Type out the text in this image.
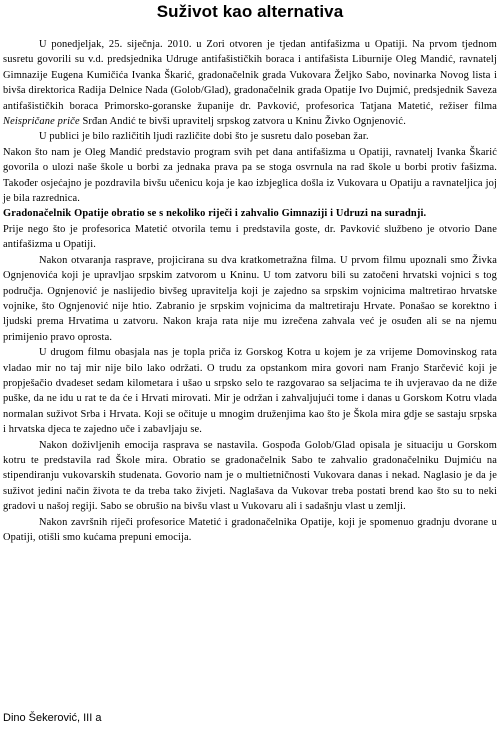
Suživot kao alternativa

U ponedjeljak, 25. siječnja. 2010. u Zori otvoren je tjedan antifašizma u Opatiji. Na prvom tjednom susretu govorili su v.d. predsjednika Udruge antifašističkih boraca i antifašista Liburnije Oleg Mandić, ravnatelj Gimnazije Eugena Kumičića Ivanka Škarić, gradonačelnik grada Vukovara Željko Sabo, novinarka Novog lista i bivša direktorica Radija Delnice Nada (Golob/Glad), gradonačelnik grada Opatije Ivo Dujmić, predsjednik Saveza antifašističkih boraca Primorsko-goranske županije dr. Pavković, profesorica Tatjana Matetić, režiser filma Neispričane priče Srđan Andić te bivši upravitelj srpskog zatvora u Kninu Živko Ognjenović.

U publici je bilo različitih ljudi različite dobi što je susretu dalo poseban žar.

Nakon što nam je Oleg Mandić predstavio program svih pet dana antifašizma u Opatiji, ravnatelj Ivanka Škarić govorila o ulozi naše škole u borbi za jednaka prava pa se stoga osvrnula na rad škole u borbi protiv fašizma. Također osjećajno je pozdravila bivšu učenicu koja je kao izbjeglica došla iz Vukovara u Opatiju a ravnateljica joj je bila razrednica.

Gradonačelnik Opatije obratio se s nekoliko riječi i zahvalio Gimnaziji i Udruzi na suradnji.

Prije nego što je profesorica Matetić otvorila temu i predstavila goste, dr. Pavković službeno je otvorio Dane antifašizma u Opatiji.

Nakon otvaranja rasprave, projicirana su dva kratkometražna filma. U prvom filmu upoznali smo Živka Ognjenovića koji je upravljao srpskim zatvorom u Kninu. U tom zatvoru bili su zatočeni hrvatski vojnici s tog područja. Ognjenović je naslijedio bivšeg upravitelja koji je zajedno sa srpskim vojnicima maltretirao hrvatske vojnike, što Ognjenović nije htio. Zabranio je srpskim vojnicima da maltretiraju Hrvate. Ponašao se korektno i ljudski prema Hrvatima u zatvoru. Nakon kraja rata nije mu izrečena zahvala već je osuđen ali se na njemu primijenio pravo oprosta.

U drugom filmu obasjala nas je topla priča iz Gorskog Kotra u kojem je za vrijeme Domovinskog rata vladao mir no taj mir nije bilo lako održati. O trudu za opstankom mira govori nam Franjo Starčević koji je propješačio dvadeset sedam kilometara i ušao u srpsko selo te razgovarao sa seljacima te ih uvjeravao da ne diže puške, da ne idu u rat te da će i Hrvati mirovati. Mir je održan i zahvaljujući tome i danas u Gorskom Kotru vlada normalan suživot Srba i Hrvata. Koji se očituje u mnogim druženjima kao što je Škola mira gdje se sastaju srpska i hrvatska djeca te zajedno uče i zabavljaju se.

Nakon doživljenih emocija rasprava se nastavila. Gospođa Golob/Glad opisala je situaciju u Gorskom kotru te predstavila rad Škole mira. Obratio se gradonačelnik Sabo te zahvalio gradonačelniku Dujmiću na stipendiranju vukovarskih studenata. Govorio nam je o multietničnosti Vukovara danas i nekad. Naglasio je da je suživot jedini način života te da treba tako živjeti. Naglašava da Vukovar treba postati brend kao što su to neki gradovi u našoj regiji. Sabo se obrušio na bivšu vlast u Vukovaru ali i sadašnju vlast u zemlji.

Nakon završnih riječi profesorice Matetić i gradonačelnika Opatije, koji je spomenuo gradnju dvorane u Opatiji, otišli smo kućama prepuni emocija.

Dino Šekerović, III a
